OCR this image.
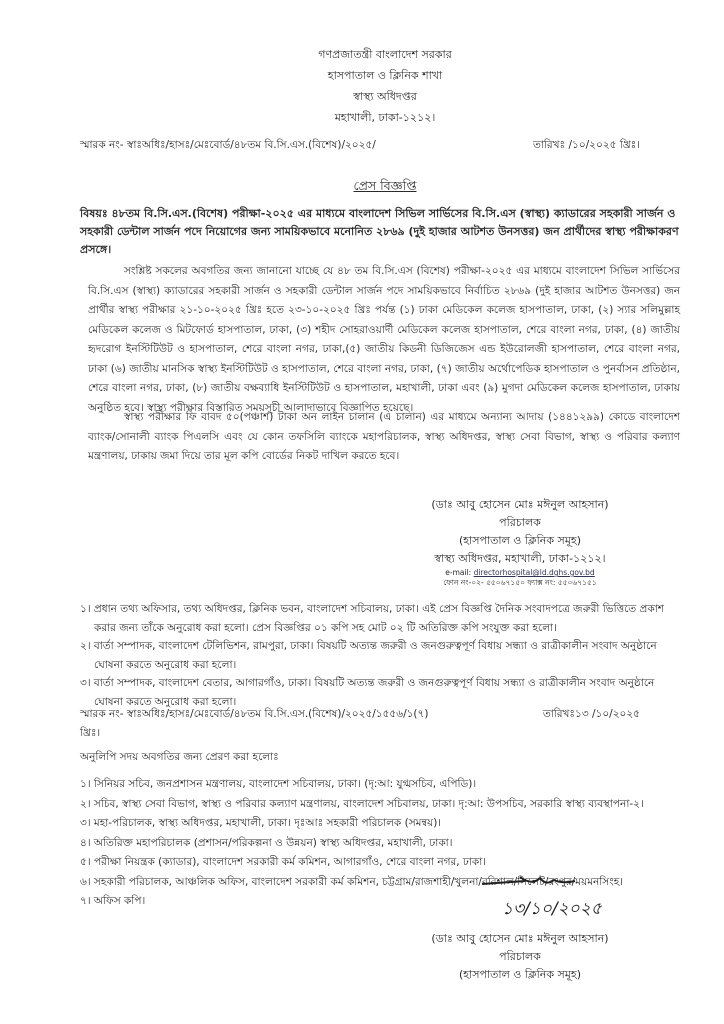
গণপ্রজাতন্ত্রী বাংলাদেশ সরকার
হাসপাতাল ও ক্লিনিক শাখা
স্বাস্থ্য অধিদপ্তর
মহাখালী, ঢাকা-১২১২।
স্মারক নং- স্বাঃঅধিঃ/হাসঃ/মেঃবোর্ড/৪৮তম বি.সি.এস.(বিশেষ)/২০২৫/	তারিখঃ /১০/২০২৫ খ্রিঃ।
প্রেস বিজ্ঞপ্তি
বিষয়ঃ ৪৮তম বি.সি.এস.(বিশেষ) পরীক্ষা-২০২৫ এর মাধ্যমে বাংলাদেশ সিভিল সার্ভিসের বি.সি.এস (স্বাস্থ্য) ক্যাডারের সহকারী সার্জন ও সহকারী ডেন্টাল সার্জন পদে নিয়োগের জন্য সাময়িকভাবে মনোনিত ২৮৬৯ (দুই হাজার আটশত উনসত্তর) জন প্রার্থীদের স্বাস্থ্য পরীক্ষাকরণ প্রসঙ্গে।
সংশ্লিষ্ট সকলের অবগতির জন্য জানানো যাচ্ছে যে ৪৮ তম বি.সি.এস (বিশেষ) পরীক্ষা-২০২৫ এর মাধ্যমে বাংলাদেশ সিভিল সার্ভিসের বি.সি.এস (স্বাস্থ্য) ক্যাডারের সহকারী সার্জন ও সহকারী ডেন্টাল সার্জন পদে সাময়িকভাবে নির্বাচিত ২৮৬৯ (দুই হাজার আটশত উনসত্তর) জন প্রার্থীর স্বাস্থ্য পরীক্ষার ২১-১০-২০২৫ খ্রিঃ হতে ২৩-১০-২০২৫ খ্রিঃ পর্যন্ত (১) ঢাকা মেডিকেল কলেজ হাসপাতাল, ঢাকা, (২) স্যার সলিমুল্লাহ মেডিকেল কলেজ ও মিটফোর্ড হাসপাতাল, ঢাকা, (৩) শহীদ সোহরাওয়ার্দী মেডিকেল কলেজ হাসপাতাল, শেরে বাংলা নগর, ঢাকা, (৪) জাতীয় হৃদরোগ ইনস্টিটিউট ও হাসপাতাল, শেরে বাংলা নগর, ঢাকা,(৫) জাতীয় কিডনী ডিজিজেস এন্ড ইউরোলজী হাসপাতাল, শেরে বাংলা নগর, ঢাকা (৬) জাতীয় মানসিক স্বাস্থ্য ইনস্টিটিউট ও হাসপাতাল, শেরে বাংলা নগর, ঢাকা, (৭) জাতীয় অর্থোপেডিক হাসপাতাল ও পুনর্বাসন প্রতিষ্ঠান, শেরে বাংলা নগর, ঢাকা, (৮) জাতীয় বক্ষব্যাধি ইনস্টিটিউট ও হাসপাতাল, মহাখালী, ঢাকা এবং (৯) মুগদা মেডিকেল কলেজ হাসপাতাল, ঢাকায় অনুষ্ঠিত হবে। স্বাস্থ্য পরীক্ষার বিস্তারিত সময়সূচী আলাদাভাবে বিজ্ঞাপিত হয়েছে।
স্বাস্থ্য পরীক্ষার ফি বাবদ ৫০(পঞ্চাশ) টাকা অন লাইন চালান (এ চালান) এর মাধ্যমে অন্যান্য আদায় (১৪৪১২৯৯) কোডে বাংলাদেশ ব্যাংক/সোনালী ব্যাংক পিএলসি এবং যে কোন তফসিলি ব্যাংকে মহাপরিচালক, স্বাস্থ্য অধিদপ্তর, স্বাস্থ্য সেবা বিভাগ, স্বাস্থ্য ও পরিবার কল্যাণ মন্ত্রণালয়, ঢাকায় জমা দিয়ে তার মূল কপি বোর্ডের নিকট দাখিল করতে হবে।
(ডাঃ আবু হোসেন মোঃ মঈনুল আহসান)
পরিচালক
(হাসপাতাল ও ক্লিনিক সমূহ)
স্বাস্থ্য অধিদপ্তর, মহাখালী, ঢাকা-১২১২।
e-mail: directorhospital@ld.dghs.gov.bd
ফোন নং-০২- ৫৫০৬৭১৫০ ফ্যাক্স নং: ৫৫০৬৭১৫১
১। প্রধান তথ্য অফিসার, তথ্য অধিদপ্তর, ক্লিনিক ভবন, বাংলাদেশ সচিবালয়, ঢাকা। এই প্রেস বিজ্ঞপ্তি দৈনিক সংবাদপত্রে জরুরী ভিত্তিতে প্রকাশ করার জন্য তাঁকে অনুরোধ করা হলো। প্রেস বিজ্ঞপ্তির ০১ কপি সহ মোট ০২ টি অতিরিক্ত কপি সংযুক্ত করা হলো।
২। বার্তা সম্পাদক, বাংলাদেশ টেলিভিশন, রামপুরা, ঢাকা। বিষয়টি অত্যন্ত জরুরী ও জনগুরুত্বপূর্ণ বিধায় সন্ধ্যা ও রাত্রীকালীন সংবাদ অনুষ্ঠানে ঘোষনা করতে অনুরোধ করা হলো।
৩। বার্তা সম্পাদক, বাংলাদেশ বেতার, আগারগাঁও, ঢাকা। বিষয়টি অত্যন্ত জরুরী ও জনগুরুত্বপূর্ণ বিধায় সন্ধ্যা ও রাত্রীকালীন সংবাদ অনুষ্ঠানে ঘোষনা করতে অনুরোধ করা হলো।
স্মারক নং- স্বাঃঅধিঃ/হাসঃ/মেঃবোর্ড/৪৮তম বি.সি.এস.(বিশেষ)/২০২৫/১৫৫৬/১(৭)
খ্রিঃ।
তারিখঃ১৩ /১০/২০২৫
অনুলিপি সদয় অবগতির জন্য প্রেরণ করা হলোঃ
১। সিনিয়র সচিব, জনপ্রশাসন মন্ত্রণালয়, বাংলাদেশ সচিবালয়, ঢাকা। (দৃ:আ: যুগ্মসচিব, এপিডি)।
২। সচিব, স্বাস্থ্য সেবা বিভাগ, স্বাস্থ্য ও পরিবার কল্যাণ মন্ত্রণালয়, বাংলাদেশ সচিবালয়, ঢাকা। দৃ:আ: উপসচিব, সরকারি স্বাস্থ্য ব্যবস্থাপনা-২।
৩। মহা-পরিচালক, স্বাস্থ্য অধিদপ্তর, মহাখালী, ঢাকা। দৃঃআঃ সহকারী পরিচালক (সমন্বয়)।
৪। অতিরিক্ত মহাপরিচালক (প্রশাসন/পরিকল্পনা ও উন্নয়ন) স্বাস্থ্য অধিদপ্তর, মহাখালী, ঢাকা।
৫। পরীক্ষা নিয়ন্ত্রক (ক্যাডার), বাংলাদেশ সরকারী কর্ম কমিশন, আগারগাঁও, শেরে বাংলা নগর, ঢাকা।
৬। সহকারী পরিচালক, আঞ্চলিক অফিস, বাংলাদেশ সরকারী কর্ম কমিশন, চট্টগ্রাম/রাজশাহী/খুলনা/বরিশাল/সিলেট/রংপুর/ময়মনসিংহ।
৭। অফিস কপি।	১৩/১০/২০২৫
(ডাঃ আবু হোসেন মোঃ মঈনুল আহসান)
পরিচালক
(হাসপাতাল ও ক্লিনিক সমূহ)
